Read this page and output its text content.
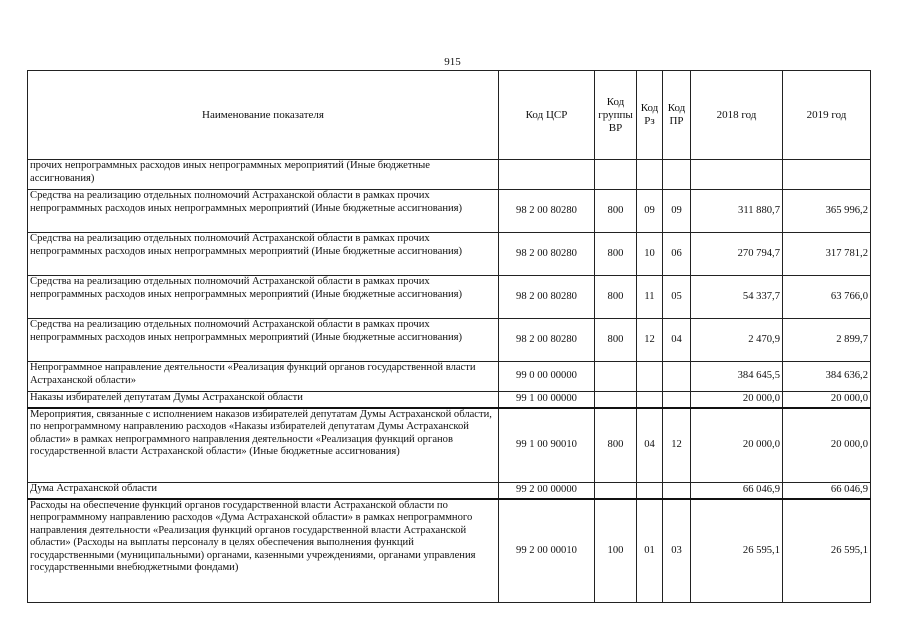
915
Наименование показателя	Код ЦСР	Код группы ВР	Код Рз	Код ПР	2018 год	2019 год
прочих непрограммных расходов иных непрограммных мероприятий (Иные бюджетные ассигнования)						
Средства на реализацию отдельных полномочий Астраханской области в рамках прочих непрограммных расходов иных непрограммных мероприятий (Иные бюджетные ассигнования)	98 2 00 80280	800	09	09	311 880,7	365 996,2
Средства на реализацию отдельных полномочий Астраханской области в рамках прочих непрограммных расходов иных непрограммных мероприятий (Иные бюджетные ассигнования)	98 2 00 80280	800	10	06	270 794,7	317 781,2
Средства на реализацию отдельных полномочий Астраханской области в рамках прочих непрограммных расходов иных непрограммных мероприятий (Иные бюджетные ассигнования)	98 2 00 80280	800	11	05	54 337,7	63 766,0
Средства на реализацию отдельных полномочий Астраханской области в рамках прочих непрограммных расходов иных непрограммных мероприятий (Иные бюджетные ассигнования)	98 2 00 80280	800	12	04	2 470,9	2 899,7
Непрограммное направление деятельности «Реализация функций органов государственной власти Астраханской области»	99 0 00 00000				384 645,5	384 636,2
Наказы избирателей депутатам Думы Астраханской области	99 1 00 00000				20 000,0	20 000,0
Мероприятия, связанные с исполнением наказов избирателей депутатам Думы Астраханской области, по непрограммному направлению расходов «Наказы избирателей депутатам Думы Астраханской области» в рамках непрограммного направления деятельности «Реализация функций органов государственной власти Астраханской области» (Иные бюджетные ассигнования)	99 1 00 90010	800	04	12	20 000,0	20 000,0
Дума Астраханской области	99 2 00 00000				66 046,9	66 046,9
Расходы на обеспечение функций органов государственной власти Астраханской области по непрограммному направлению расходов «Дума Астраханской области» в рамках непрограммного направления деятельности «Реализация функций органов государственной власти Астраханской области» (Расходы на выплаты персоналу в целях обеспечения выполнения функций государственными (муниципальными) органами, казенными учреждениями, органами управления государственными внебюджетными фондами)	99 2 00 00010	100	01	03	26 595,1	26 595,1
